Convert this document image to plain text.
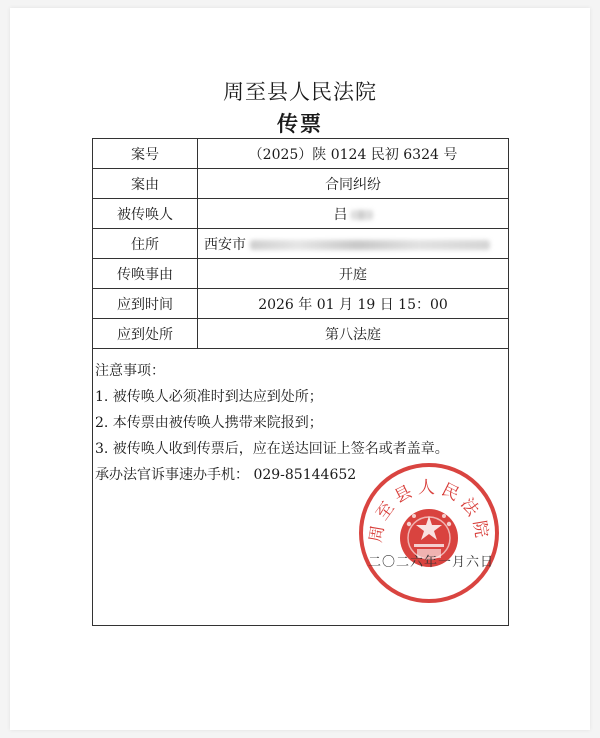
周至县人民法院
传票
案号	（2025）陕 0124 民初 6324 号
案由	合同纠纷
被传唤人	吕
住所	西安市
传唤事由	开庭
应到时间	2026 年 01 月 19 日 15：00
应到处所	第八法庭
注意事项：
1. 被传唤人必须准时到达应到处所；
2. 本传票由被传唤人携带来院报到；
3. 被传唤人收到传票后，应在送达回证上签名或者盖章。
承办法官诉事速办手机： 029-85144652
周至县人民法院
二〇二六年一月六日
